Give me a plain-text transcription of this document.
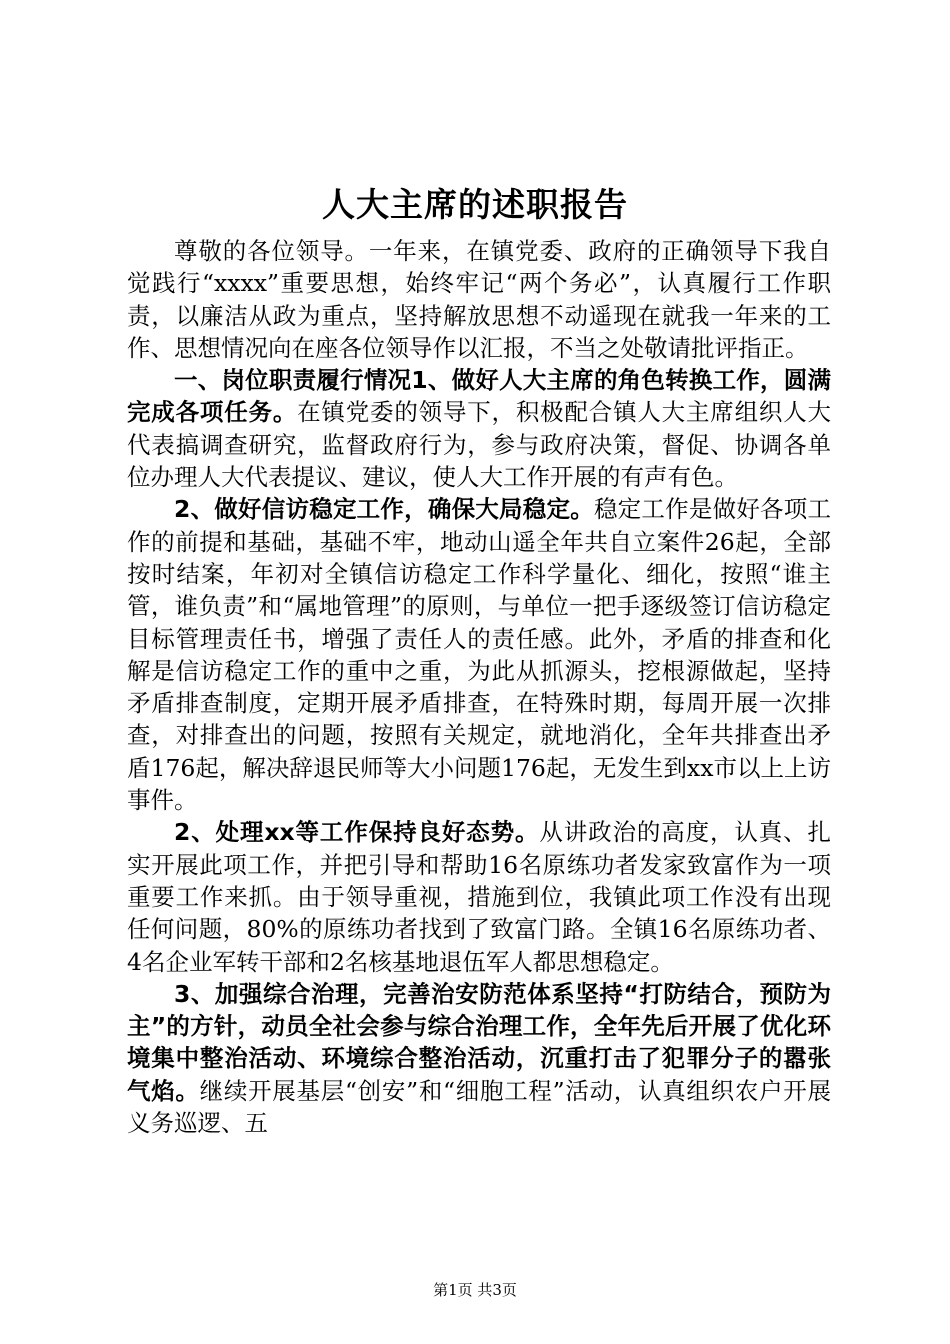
人大主席的述职报告

尊敬的各位领导。一年来，在镇党委、政府的正确领导下我自觉践行“xxxx”重要思想，始终牢记“两个务必”，认真履行工作职责，以廉洁从政为重点，坚持解放思想不动遥现在就我一年来的工作、思想情况向在座各位领导作以汇报，不当之处敬请批评指正。

一、岗位职责履行情况1、做好人大主席的角色转换工作，圆满完成各项任务。在镇党委的领导下，积极配合镇人大主席组织人大代表搞调查研究，监督政府行为，参与政府决策，督促、协调各单位办理人大代表提议、建议，使人大工作开展的有声有色。

2、做好信访稳定工作，确保大局稳定。稳定工作是做好各项工作的前提和基础，基础不牢，地动山遥全年共自立案件26起，全部按时结案，年初对全镇信访稳定工作科学量化、细化，按照“谁主管，谁负责”和“属地管理”的原则，与单位一把手逐级签订信访稳定目标管理责任书，增强了责任人的责任感。此外，矛盾的排查和化解是信访稳定工作的重中之重，为此从抓源头，挖根源做起，坚持矛盾排查制度，定期开展矛盾排查，在特殊时期，每周开展一次排查，对排查出的问题，按照有关规定，就地消化，全年共排查出矛盾176起，解决辞退民师等大小问题176起，无发生到xx市以上上访事件。

2、处理xx等工作保持良好态势。从讲政治的高度，认真、扎实开展此项工作，并把引导和帮助16名原练功者发家致富作为一项重要工作来抓。由于领导重视，措施到位，我镇此项工作没有出现任何问题，80%的原练功者找到了致富门路。全镇16名原练功者、4名企业军转干部和2名核基地退伍军人都思想稳定。

3、加强综合治理，完善治安防范体系坚持“打防结合，预防为主”的方针，动员全社会参与综合治理工作，全年先后开展了优化环境集中整治活动、环境综合整治活动，沉重打击了犯罪分子的嚣张气焰。继续开展基层“创安”和“细胞工程”活动，认真组织农户开展义务巡逻、五

第1页 共3页
